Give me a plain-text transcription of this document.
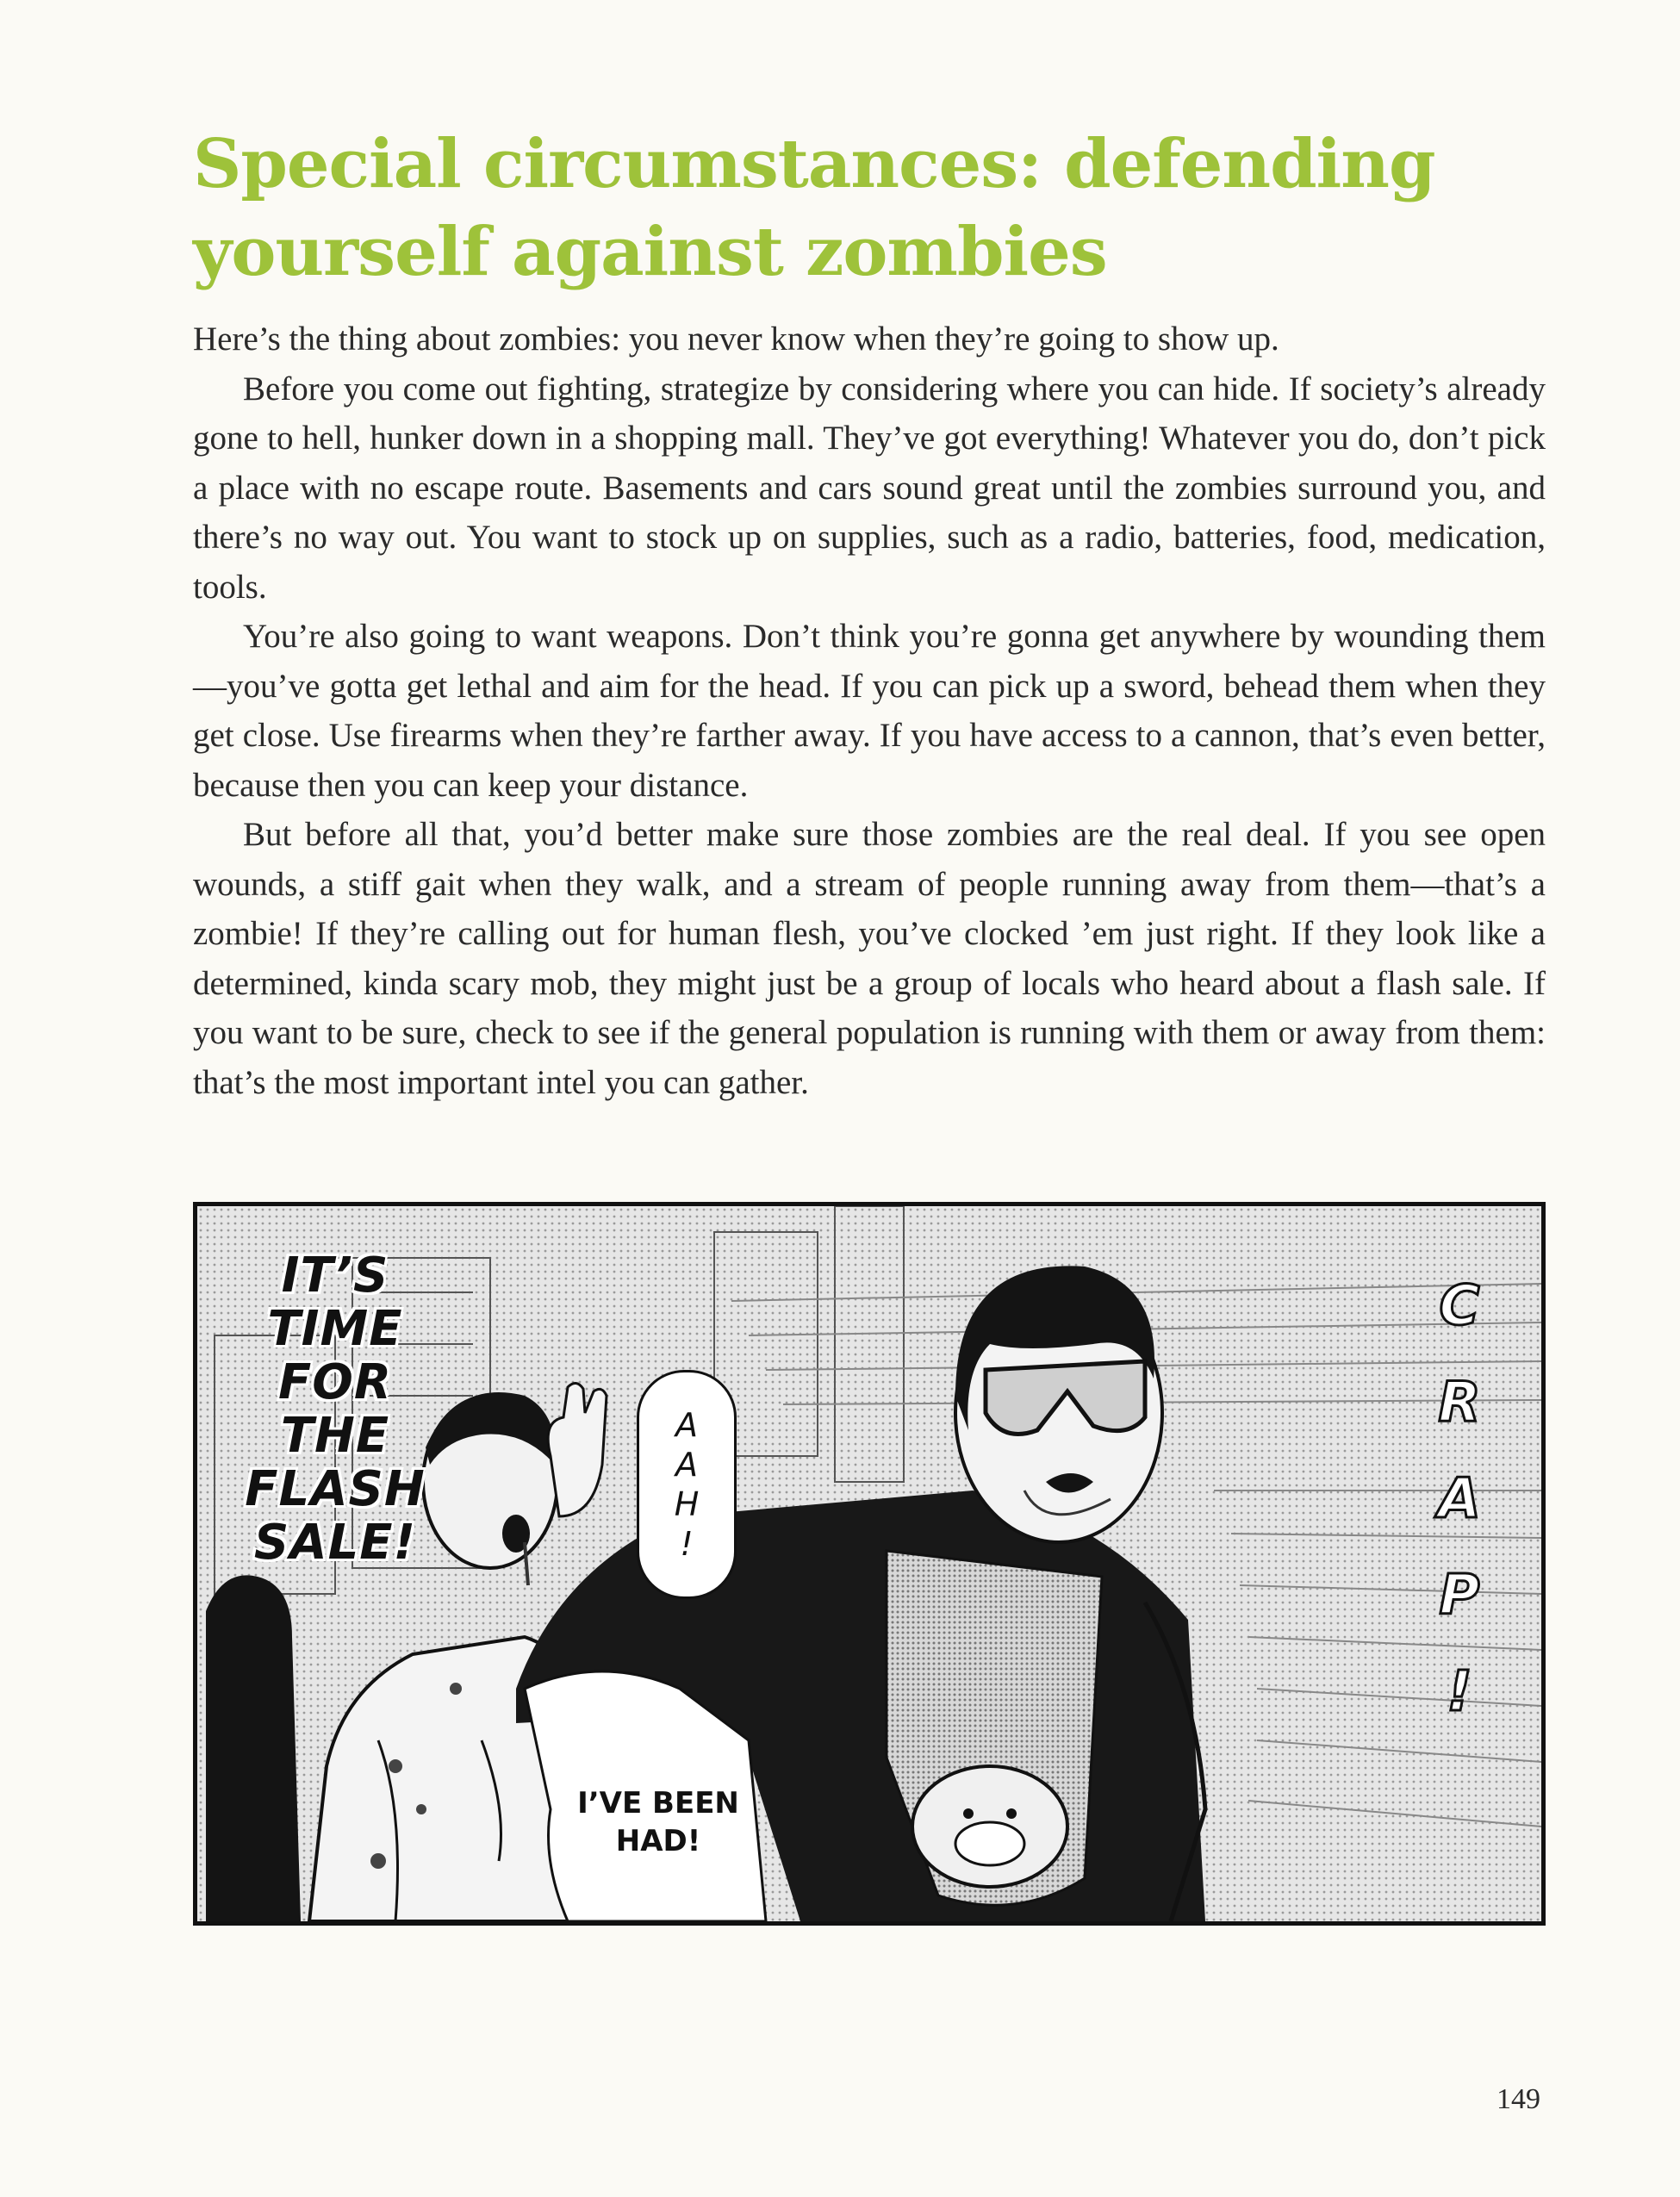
Special circumstances: defending yourself against zombies

Here’s the thing about zombies: you never know when they’re going to show up.

Before you come out fighting, strategize by considering where you can hide. If society’s already gone to hell, hunker down in a shopping mall. They’ve got everything! Whatever you do, don’t pick a place with no escape route. Basements and cars sound great until the zombies surround you, and there’s no way out. You want to stock up on supplies, such as a radio, batteries, food, medication, tools.

You’re also going to want weapons. Don’t think you’re gonna get anywhere by wounding them—you’ve gotta get lethal and aim for the head. If you can pick up a sword, behead them when they get close. Use firearms when they’re farther away. If you have access to a cannon, that’s even better, because then you can keep your distance.

But before all that, you’d better make sure those zombies are the real deal. If you see open wounds, a stiff gait when they walk, and a stream of people running away from them—that’s a zombie! If they’re calling out for human flesh, you’ve clocked ’em just right. If they look like a determined, kinda scary mob, they might just be a group of locals who heard about a flash sale. If you want to be sure, check to see if the general population is running with them or away from them: that’s the most important intel you can gather.

IT’S TIME FOR THE FLASH SALE!
A
A
H
!
I’VE BEEN HAD!
C
R
A
P
!
149
